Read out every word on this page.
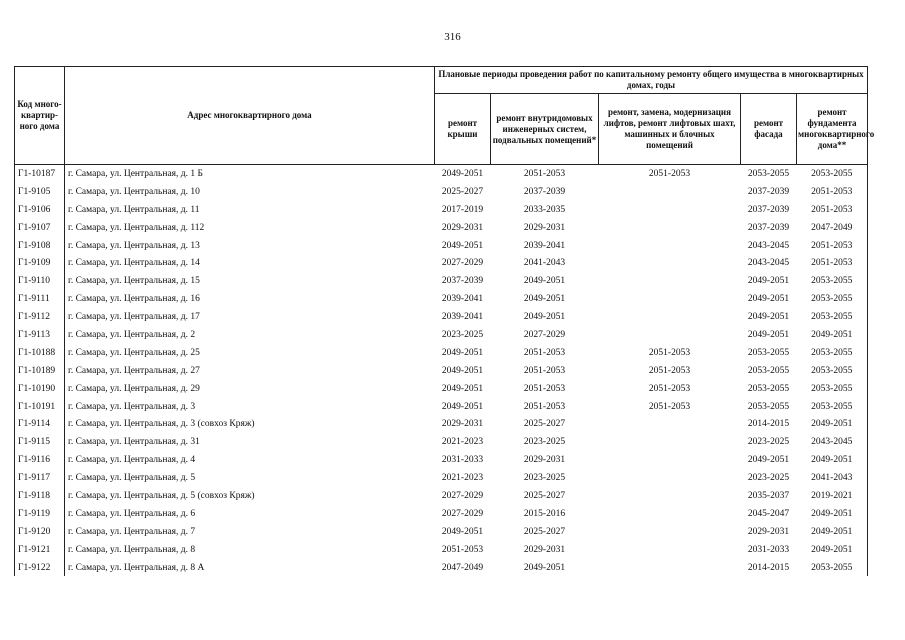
316
Код много-квартир-ного дома	Адрес многоквартирного дома	Плановые периоды проведения работ по капитальному ремонту общего имущества в многоквартирных домах, годы				
		ремонт крыши	ремонт внутридомовых инженерных систем, подвальных помещений*	ремонт, замена, модернизация лифтов, ремонт лифтовых шахт, машинных и блочных помещений	ремонт фасада	ремонт фундамента многоквартирного дома**
Г1-10187	г. Самара, ул. Центральная, д. 1 Б	2049-2051	2051-2053	2051-2053	2053-2055	2053-2055
Г1-9105	г. Самара, ул. Центральная, д. 10	2025-2027	2037-2039		2037-2039	2051-2053
Г1-9106	г. Самара, ул. Центральная, д. 11	2017-2019	2033-2035		2037-2039	2051-2053
Г1-9107	г. Самара, ул. Центральная, д. 112	2029-2031	2029-2031		2037-2039	2047-2049
Г1-9108	г. Самара, ул. Центральная, д. 13	2049-2051	2039-2041		2043-2045	2051-2053
Г1-9109	г. Самара, ул. Центральная, д. 14	2027-2029	2041-2043		2043-2045	2051-2053
Г1-9110	г. Самара, ул. Центральная, д. 15	2037-2039	2049-2051		2049-2051	2053-2055
Г1-9111	г. Самара, ул. Центральная, д. 16	2039-2041	2049-2051		2049-2051	2053-2055
Г1-9112	г. Самара, ул. Центральная, д. 17	2039-2041	2049-2051		2049-2051	2053-2055
Г1-9113	г. Самара, ул. Центральная, д. 2	2023-2025	2027-2029		2049-2051	2049-2051
Г1-10188	г. Самара, ул. Центральная, д. 25	2049-2051	2051-2053	2051-2053	2053-2055	2053-2055
Г1-10189	г. Самара, ул. Центральная, д. 27	2049-2051	2051-2053	2051-2053	2053-2055	2053-2055
Г1-10190	г. Самара, ул. Центральная, д. 29	2049-2051	2051-2053	2051-2053	2053-2055	2053-2055
Г1-10191	г. Самара, ул. Центральная, д. 3	2049-2051	2051-2053	2051-2053	2053-2055	2053-2055
Г1-9114	г. Самара, ул. Центральная, д. 3 (совхоз Кряж)	2029-2031	2025-2027		2014-2015	2049-2051
Г1-9115	г. Самара, ул. Центральная, д. 31	2021-2023	2023-2025		2023-2025	2043-2045
Г1-9116	г. Самара, ул. Центральная, д. 4	2031-2033	2029-2031		2049-2051	2049-2051
Г1-9117	г. Самара, ул. Центральная, д. 5	2021-2023	2023-2025		2023-2025	2041-2043
Г1-9118	г. Самара, ул. Центральная, д. 5 (совхоз Кряж)	2027-2029	2025-2027		2035-2037	2019-2021
Г1-9119	г. Самара, ул. Центральная, д. 6	2027-2029	2015-2016		2045-2047	2049-2051
Г1-9120	г. Самара, ул. Центральная, д. 7	2049-2051	2025-2027		2029-2031	2049-2051
Г1-9121	г. Самара, ул. Центральная, д. 8	2051-2053	2029-2031		2031-2033	2049-2051
Г1-9122	г. Самара, ул. Центральная, д. 8 А	2047-2049	2049-2051		2014-2015	2053-2055
